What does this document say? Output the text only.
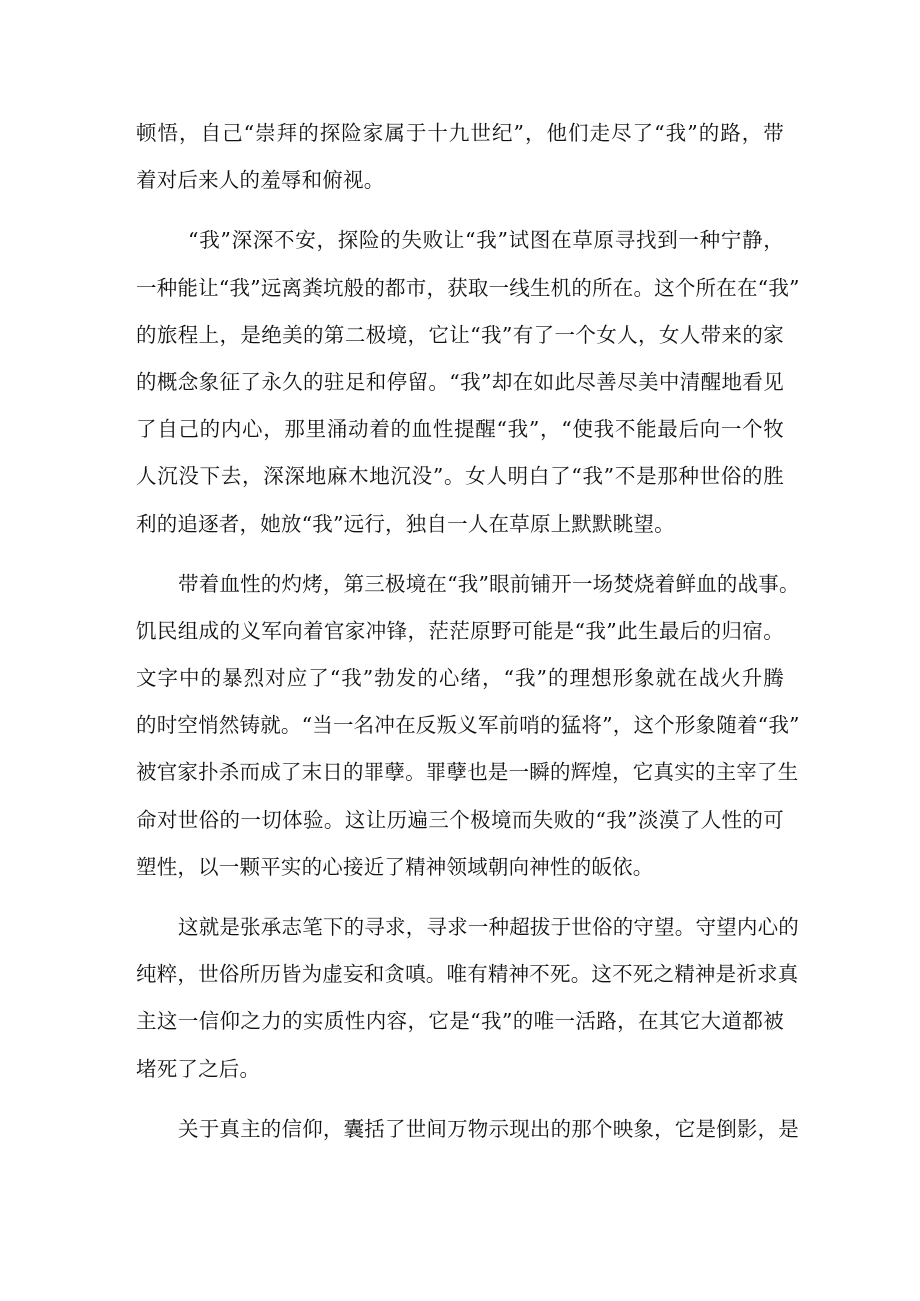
顿悟，自己“崇拜的探险家属于十九世纪”，他们走尽了“我”的路，带
着对后来人的羞辱和俯视。
“我”深深不安，探险的失败让“我”试图在草原寻找到一种宁静，
一种能让“我”远离粪坑般的都市，获取一线生机的所在。这个所在在“我”
的旅程上，是绝美的第二极境，它让“我”有了一个女人，女人带来的家
的概念象征了永久的驻足和停留。“我”却在如此尽善尽美中清醒地看见
了自己的内心，那里涌动着的血性提醒“我”，“使我不能最后向一个牧
人沉没下去，深深地麻木地沉没”。女人明白了“我”不是那种世俗的胜
利的追逐者，她放“我”远行，独自一人在草原上默默眺望。
带着血性的灼烤，第三极境在“我”眼前铺开一场焚烧着鲜血的战事。
饥民组成的义军向着官家冲锋，茫茫原野可能是“我”此生最后的归宿。
文字中的暴烈对应了“我”勃发的心绪，“我”的理想形象就在战火升腾
的时空悄然铸就。“当一名冲在反叛义军前哨的猛将”，这个形象随着“我”
被官家扑杀而成了末日的罪孽。罪孽也是一瞬的辉煌，它真实的主宰了生
命对世俗的一切体验。这让历遍三个极境而失败的“我”淡漠了人性的可
塑性，以一颗平实的心接近了精神领域朝向神性的皈依。
这就是张承志笔下的寻求，寻求一种超拔于世俗的守望。守望内心的
纯粹，世俗所历皆为虚妄和贪嗔。唯有精神不死。这不死之精神是祈求真
主这一信仰之力的实质性内容，它是“我”的唯一活路，在其它大道都被
堵死了之后。
关于真主的信仰，囊括了世间万物示现出的那个映象，它是倒影，是
